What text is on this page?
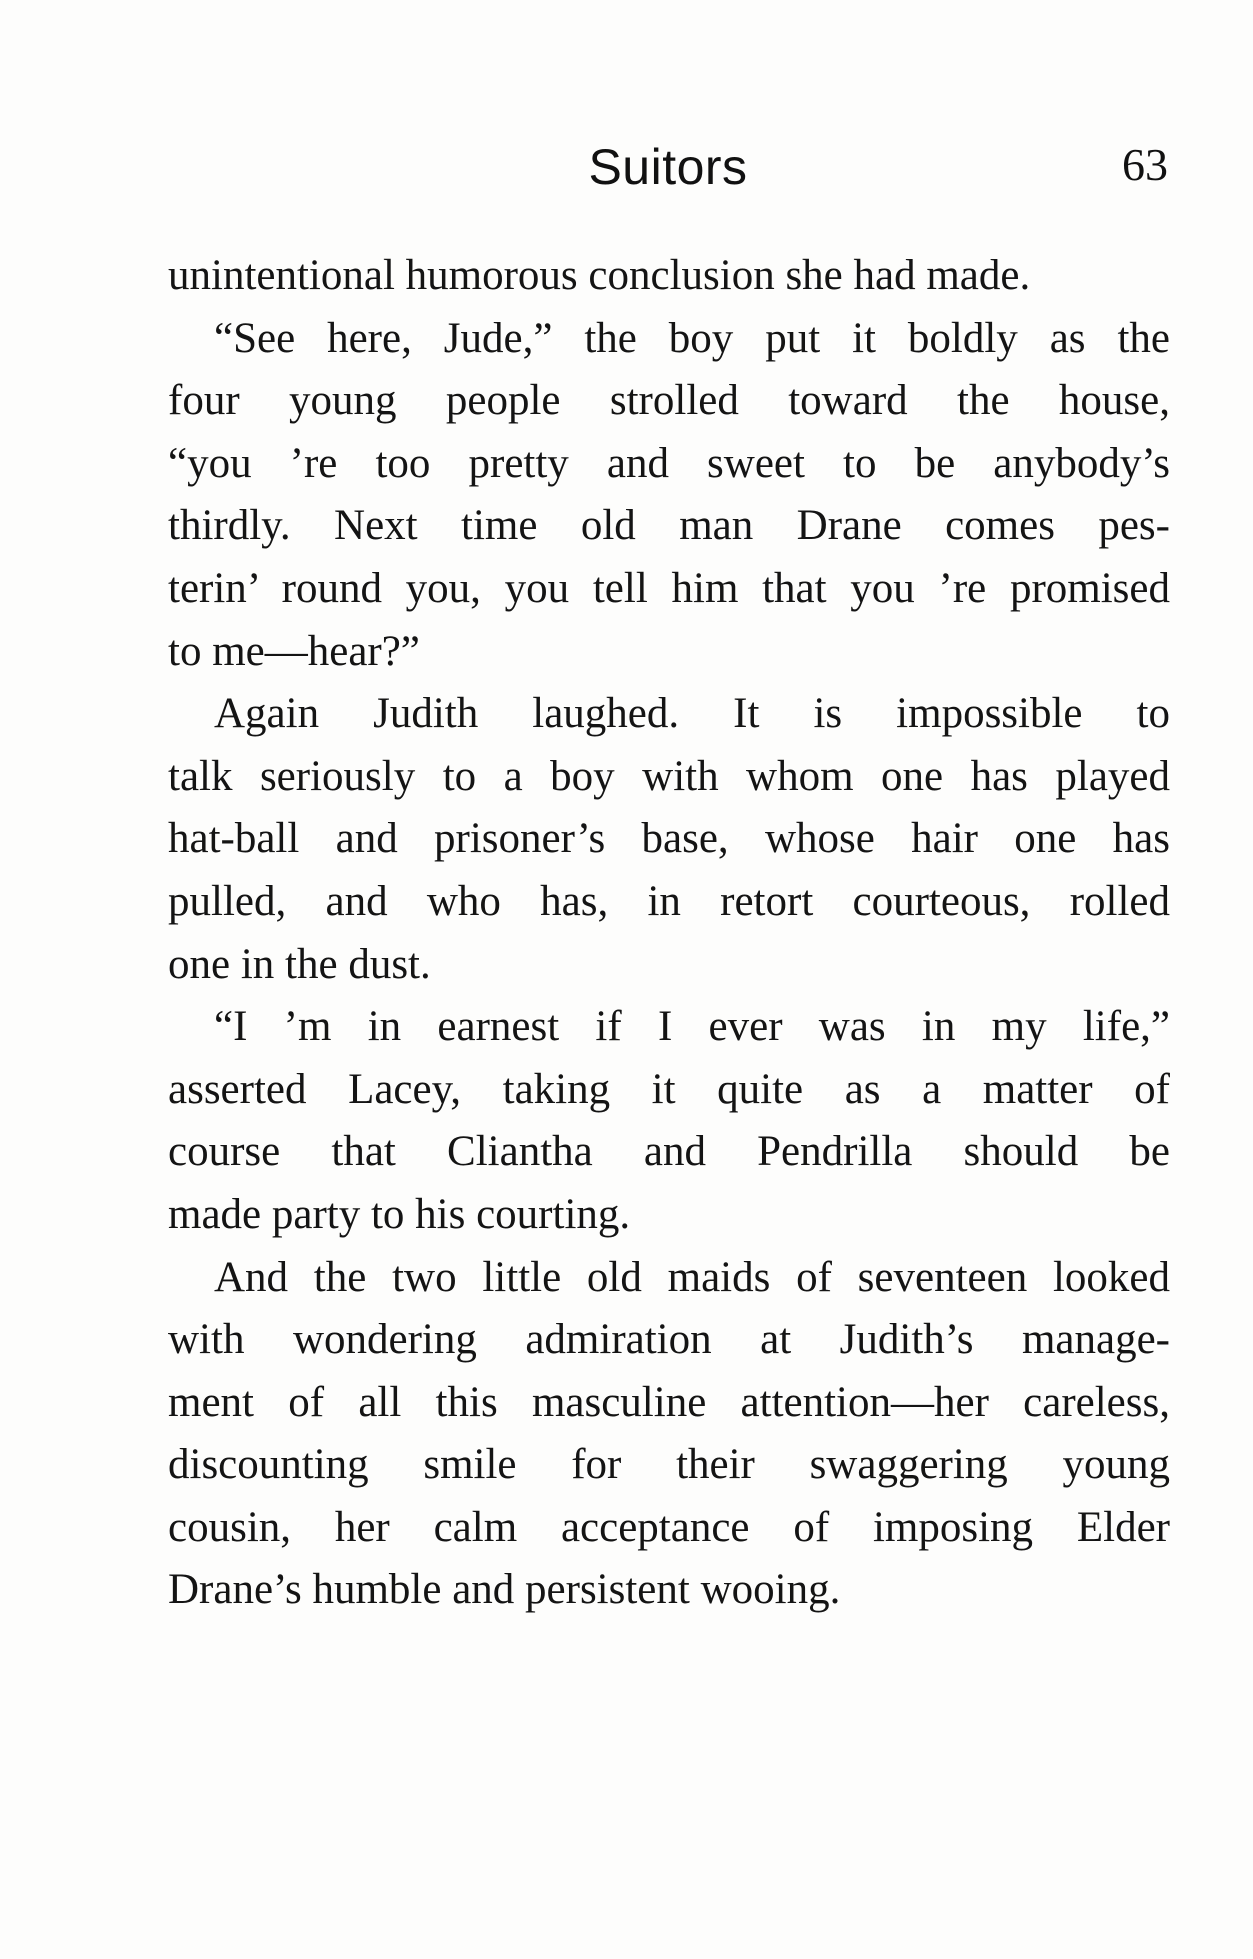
Suitors	63
unintentional humorous conclusion she had made.
“See here, Jude,” the boy put it boldly as the
four young people strolled toward the house,
“you ’re too pretty and sweet to be anybody’s
thirdly. Next time old man Drane comes pes-
terin’ round you, you tell him that you ’re promised
to me—hear?”
Again Judith laughed. It is impossible to
talk seriously to a boy with whom one has played
hat-ball and prisoner’s base, whose hair one has
pulled, and who has, in retort courteous, rolled
one in the dust.
“I ’m in earnest if I ever was in my life,”
asserted Lacey, taking it quite as a matter of
course that Cliantha and Pendrilla should be
made party to his courting.
And the two little old maids of seventeen looked
with wondering admiration at Judith’s manage-
ment of all this masculine attention—her careless,
discounting smile for their swaggering young
cousin, her calm acceptance of imposing Elder
Drane’s humble and persistent wooing.
